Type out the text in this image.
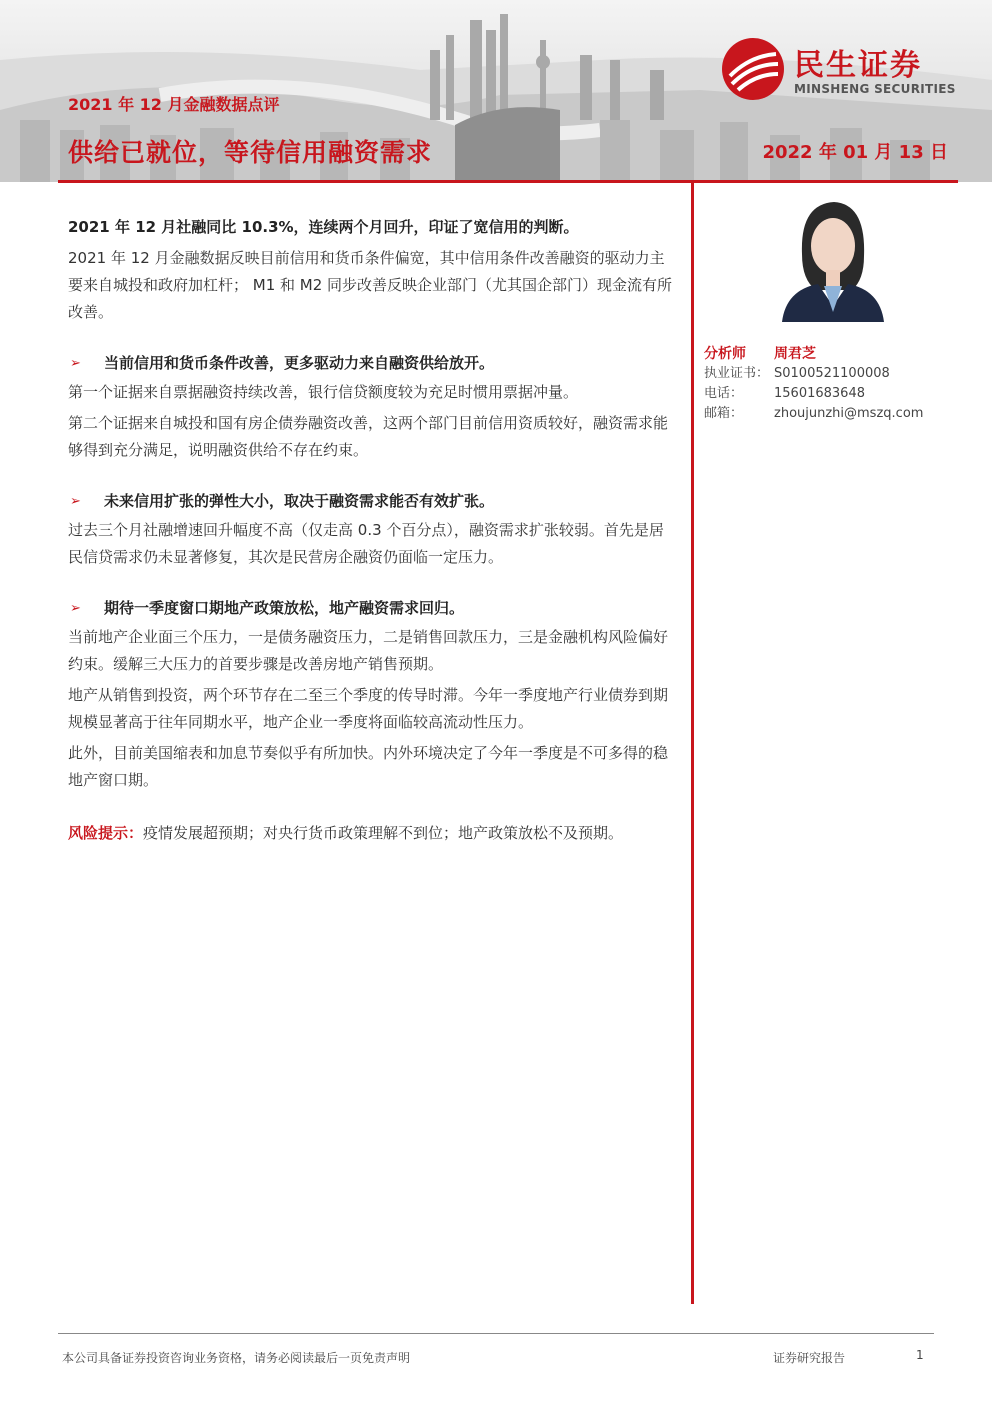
民生证券
MINSHENG SECURITIES
2021 年 12 月金融数据点评
供给已就位，等待信用融资需求	2022 年 01 月 13 日

2021 年 12 月社融同比 10.3%，连续两个月回升，印证了宽信用的判断。

2021 年 12 月金融数据反映目前信用和货币条件偏宽，其中信用条件改善融资的驱动力主要来自城投和政府加杠杆； M1 和 M2 同步改善反映企业部门（尤其国企部门）现金流有所改善。

➢	当前信用和货币条件改善，更多驱动力来自融资供给放开。

第一个证据来自票据融资持续改善，银行信贷额度较为充足时惯用票据冲量。

第二个证据来自城投和国有房企债券融资改善，这两个部门目前信用资质较好，融资需求能够得到充分满足，说明融资供给不存在约束。

➢	未来信用扩张的弹性大小，取决于融资需求能否有效扩张。

过去三个月社融增速回升幅度不高（仅走高 0.3 个百分点），融资需求扩张较弱。首先是居民信贷需求仍未显著修复，其次是民营房企融资仍面临一定压力。

➢	期待一季度窗口期地产政策放松，地产融资需求回归。

当前地产企业面三个压力，一是债务融资压力，二是销售回款压力，三是金融机构风险偏好约束。缓解三大压力的首要步骤是改善房地产销售预期。

地产从销售到投资，两个环节存在二至三个季度的传导时滞。今年一季度地产行业债券到期规模显著高于往年同期水平，地产企业一季度将面临较高流动性压力。

此外，目前美国缩表和加息节奏似乎有所加快。内外环境决定了今年一季度是不可多得的稳地产窗口期。

风险提示：疫情发展超预期；对央行货币政策理解不到位；地产政策放松不及预期。
分析师	周君芝
执业证书： S0100521100008
电话：	15601683648
邮箱：	zhoujunzhi@mszq.com
本公司具备证券投资咨询业务资格，请务必阅读最后一页免责声明	证券研究报告	1
